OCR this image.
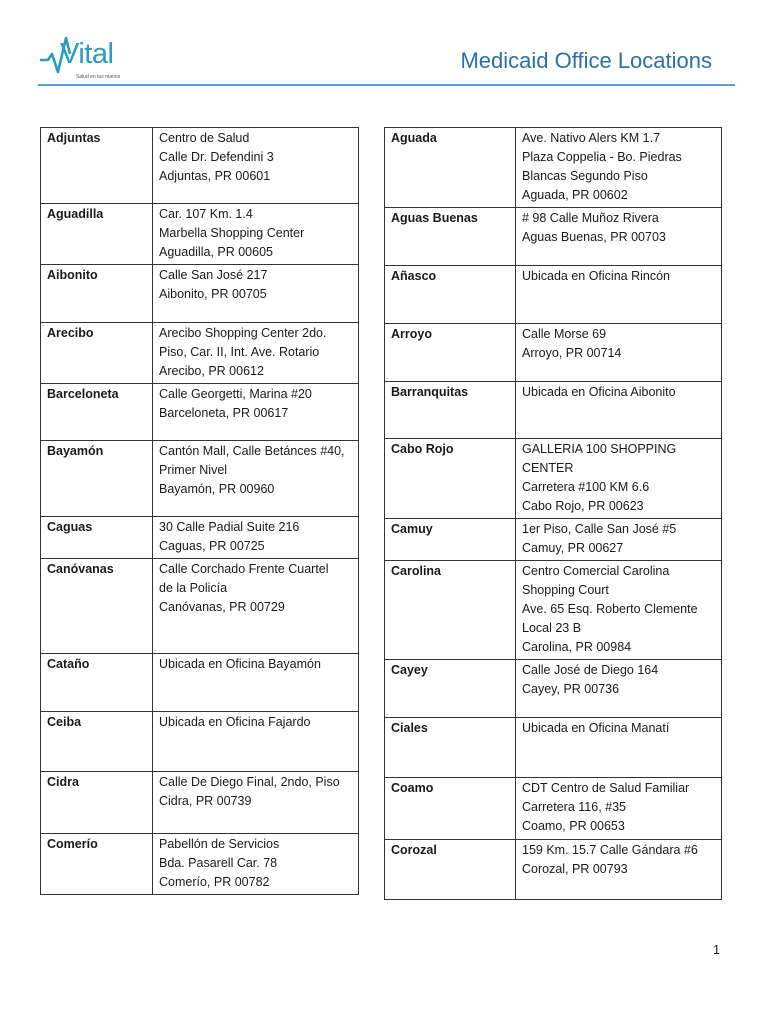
Vital
Salud en tus manos
Medicaid Office Locations
Adjuntas	Centro de Salud
Calle Dr. Defendini 3
Adjuntas, PR 00601

Aguadilla	Car. 107 Km. 1.4
Marbella Shopping Center
Aguadilla, PR 00605

Aibonito	Calle San José 217
Aibonito, PR 00705

Arecibo	Arecibo Shopping Center 2do.
Piso, Car. II, Int. Ave. Rotario
Arecibo, PR 00612

Barceloneta	Calle Georgetti, Marina #20
Barceloneta, PR 00617

Bayamón	Cantón Mall, Calle Betánces #40,
Primer Nivel
Bayamón, PR 00960

Caguas	30 Calle Padial Suite 216
Caguas, PR 00725

Canóvanas	Calle Corchado Frente Cuartel
de la Policía
Canóvanas, PR 00729

Cataño	Ubicada en Oficina Bayamón

Ceiba	Ubicada en Oficina Fajardo

Cidra	Calle De Diego Final, 2ndo, Piso
Cidra, PR 00739

Comerío	Pabellón de Servicios
Bda. Pasarell Car. 78
Comerío, PR 00782
Aguada	Ave. Nativo Alers KM 1.7
Plaza Coppelia - Bo. Piedras
Blancas Segundo Piso
Aguada, PR 00602

Aguas Buenas	# 98 Calle Muñoz Rivera
Aguas Buenas, PR 00703

Añasco	Ubicada en Oficina Rincón

Arroyo	Calle Morse 69
Arroyo, PR 00714

Barranquitas	Ubicada en Oficina Aibonito

Cabo Rojo	GALLERIA 100 SHOPPING
CENTER
Carretera #100 KM 6.6
Cabo Rojo, PR 00623

Camuy	1er Piso, Calle San José #5
Camuy, PR 00627

Carolina	Centro Comercial Carolina
Shopping Court
Ave. 65 Esq. Roberto Clemente
Local 23 B
Carolina, PR 00984

Cayey	Calle José de Diego 164
Cayey, PR 00736

Ciales	Ubicada en Oficina Manatí

Coamo	CDT Centro de Salud Familiar
Carretera 116, #35
Coamo, PR 00653

Corozal	159 Km. 15.7 Calle Gándara #6
Corozal, PR 00793
1
